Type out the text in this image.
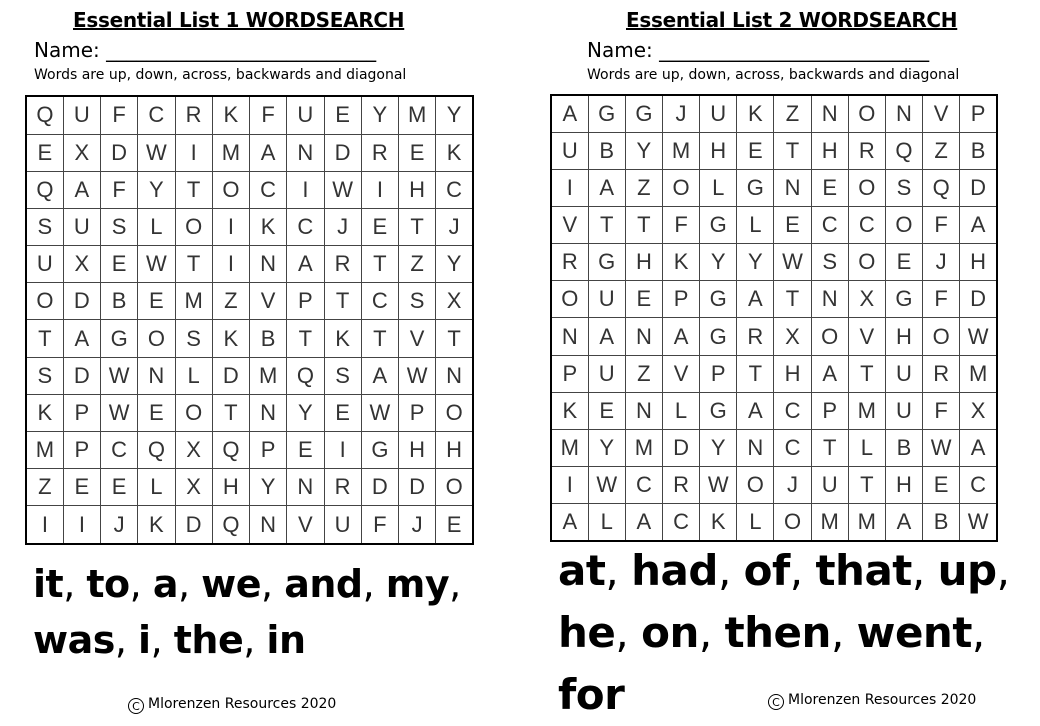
Essential List 1 WORDSEARCH
Name: ___________________________
Words are up, down, across, backwards and diagonal
Q	U	F	C	R	K	F	U	E	Y	M	Y
E	X	D	W	I	M	A	N	D	R	E	K
Q	A	F	Y	T	O	C	I	W	I	H	C
S	U	S	L	O	I	K	C	J	E	T	J
U	X	E	W	T	I	N	A	R	T	Z	Y
O	D	B	E	M	Z	V	P	T	C	S	X
T	A	G	O	S	K	B	T	K	T	V	T
S	D	W	N	L	D	M	Q	S	A	W	N
K	P	W	E	O	T	N	Y	E	W	P	O
M	P	C	Q	X	Q	P	E	I	G	H	H
Z	E	E	L	X	H	Y	N	R	D	D	O
I	I	J	K	D	Q	N	V	U	F	J	E
it, to, a, we, and, my, was, i, the, in
C Mlorenzen Resources 2020
Essential List 2 WORDSEARCH
Name: ___________________________
Words are up, down, across, backwards and diagonal
A	G	G	J	U	K	Z	N	O	N	V	P
U	B	Y	M	H	E	T	H	R	Q	Z	B
I	A	Z	O	L	G	N	E	O	S	Q	D
V	T	T	F	G	L	E	C	C	O	F	A
R	G	H	K	Y	Y	W	S	O	E	J	H
O	U	E	P	G	A	T	N	X	G	F	D
N	A	N	A	G	R	X	O	V	H	O	W
P	U	Z	V	P	T	H	A	T	U	R	M
K	E	N	L	G	A	C	P	M	U	F	X
M	Y	M	D	Y	N	C	T	L	B	W	A
I	W	C	R	W	O	J	U	T	H	E	C
A	L	A	C	K	L	O	M	M	A	B	W
at, had, of, that, up, he, on, then, went, for	C Mlorenzen Resources 2020
